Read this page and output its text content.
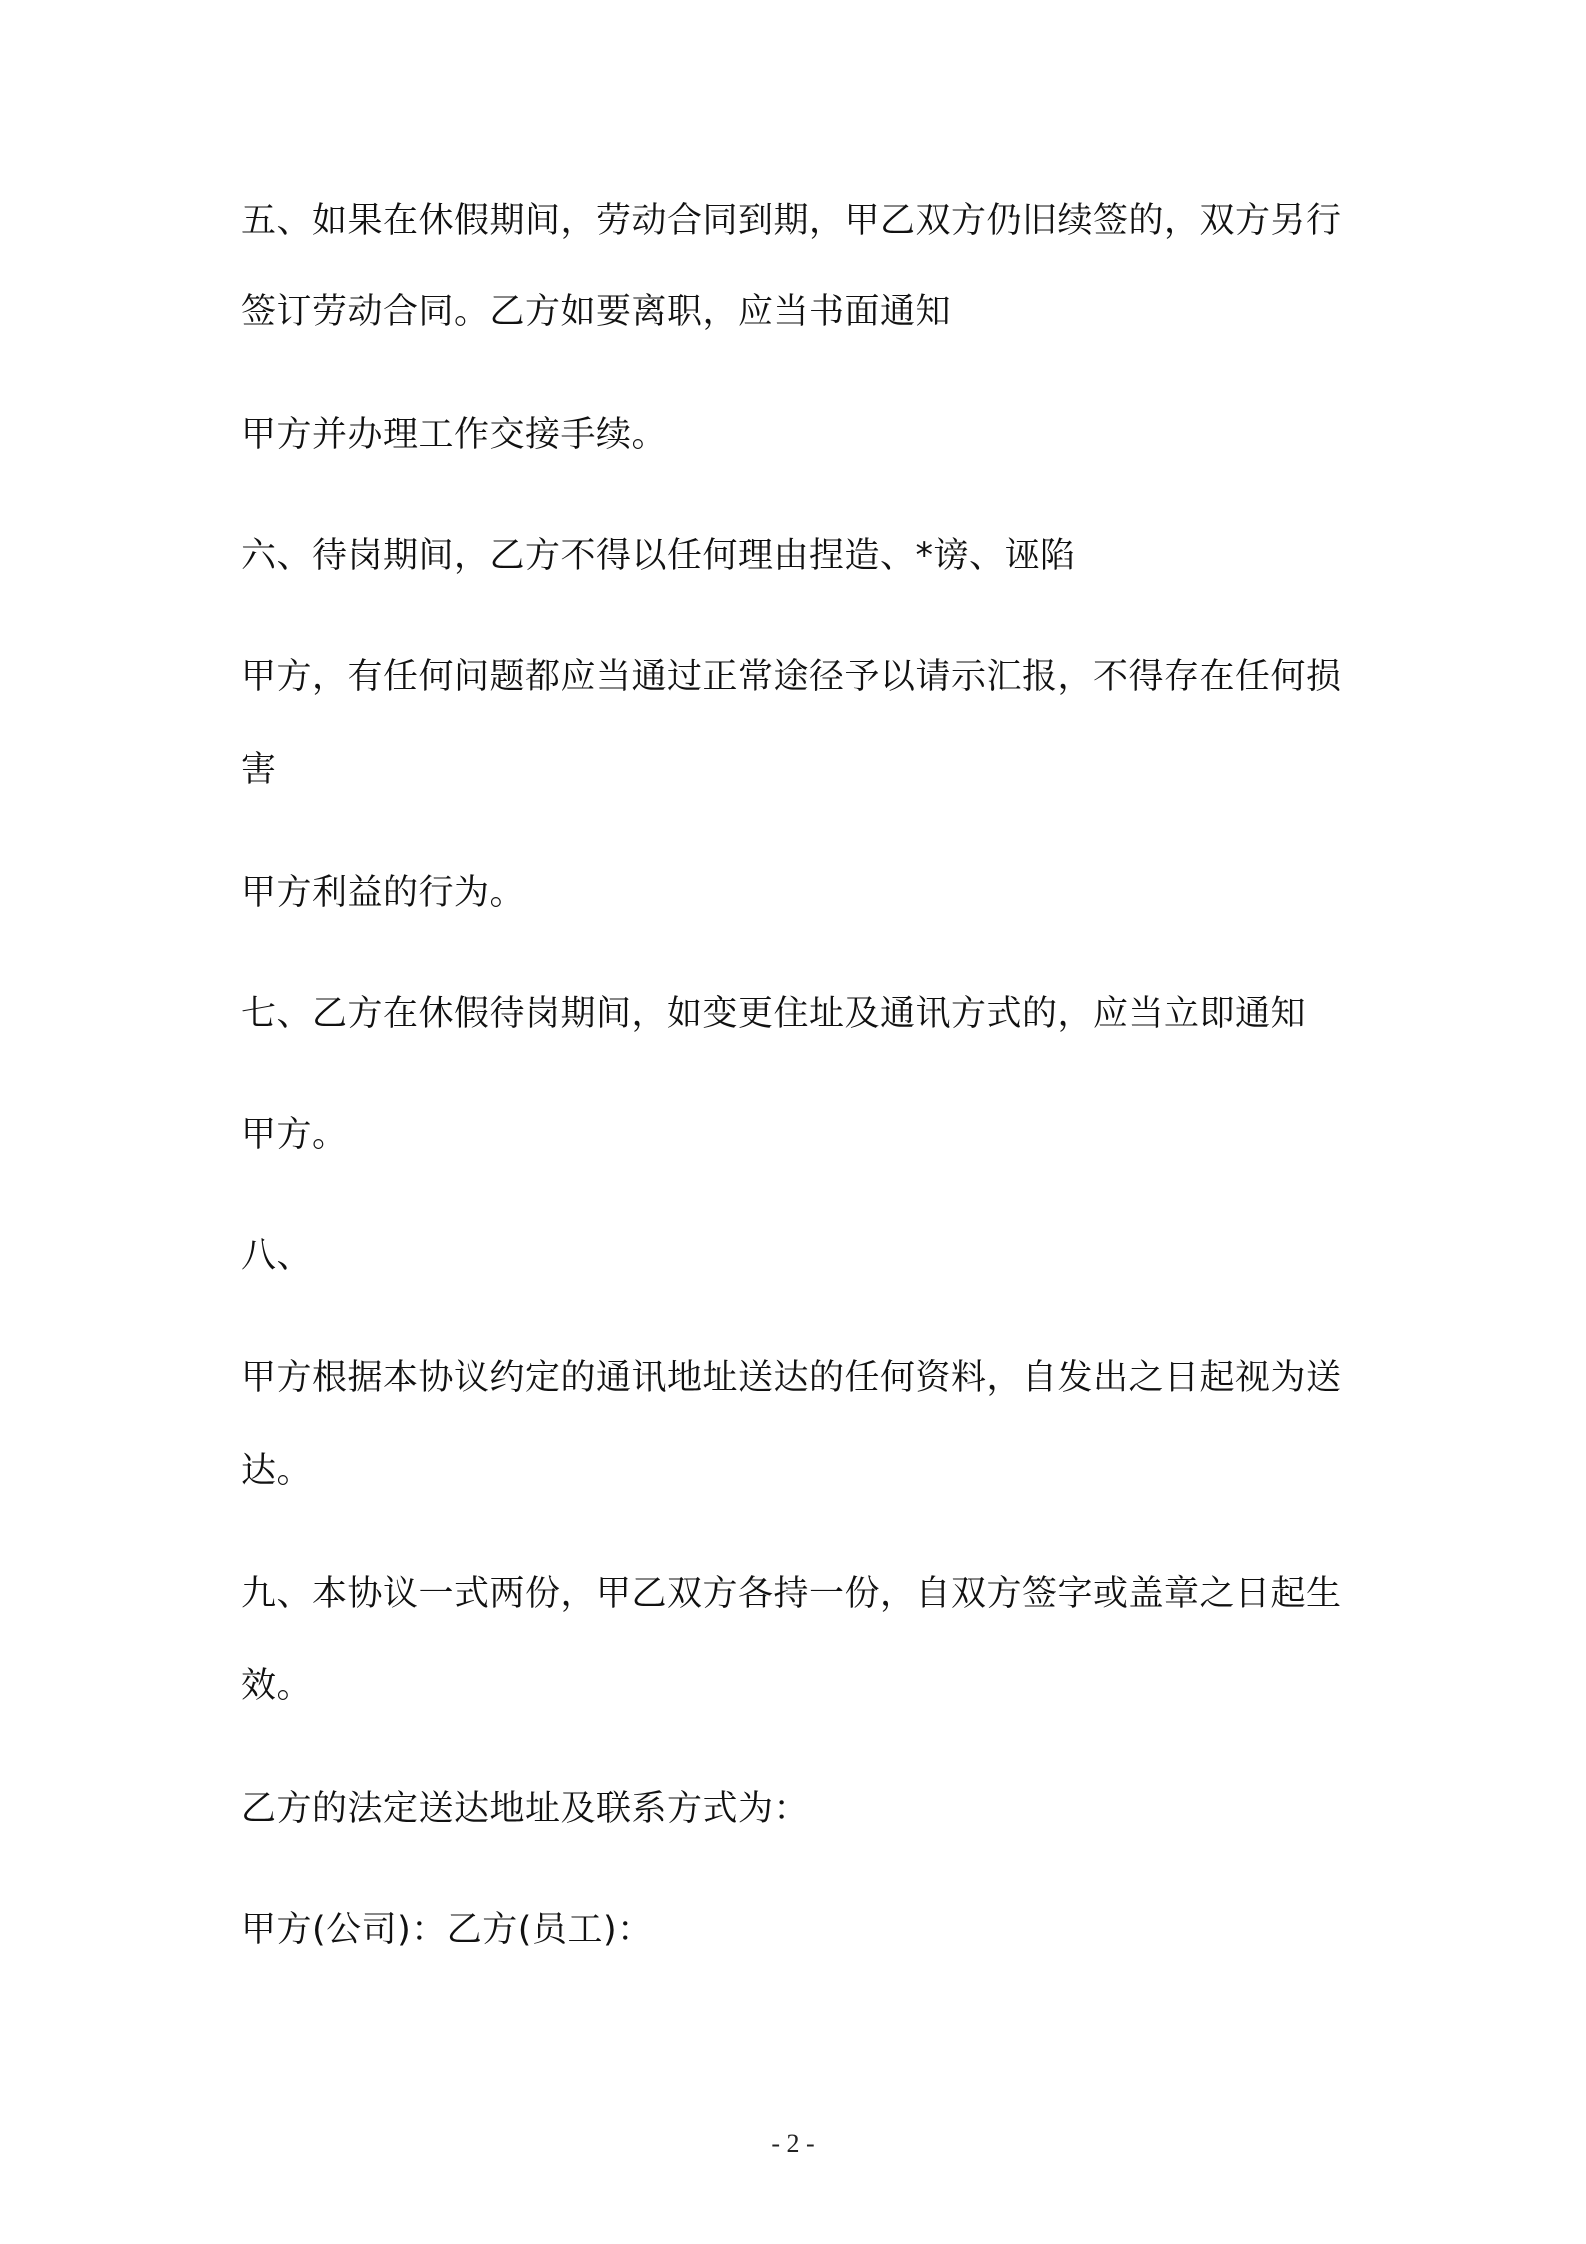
五、如果在休假期间，劳动合同到期，甲乙双方仍旧续签的，双方另行
签订劳动合同。乙方如要离职，应当书面通知
甲方并办理工作交接手续。
六、待岗期间，乙方不得以任何理由捏造、*谤、诬陷
甲方，有任何问题都应当通过正常途径予以请示汇报，不得存在任何损
害
甲方利益的行为。
七、乙方在休假待岗期间，如变更住址及通讯方式的，应当立即通知
甲方。
八、
甲方根据本协议约定的通讯地址送达的任何资料，自发出之日起视为送
达。
九、本协议一式两份，甲乙双方各持一份，自双方签字或盖章之日起生
效。
乙方的法定送达地址及联系方式为：
甲方(公司)：乙方(员工)：
- 2 -
